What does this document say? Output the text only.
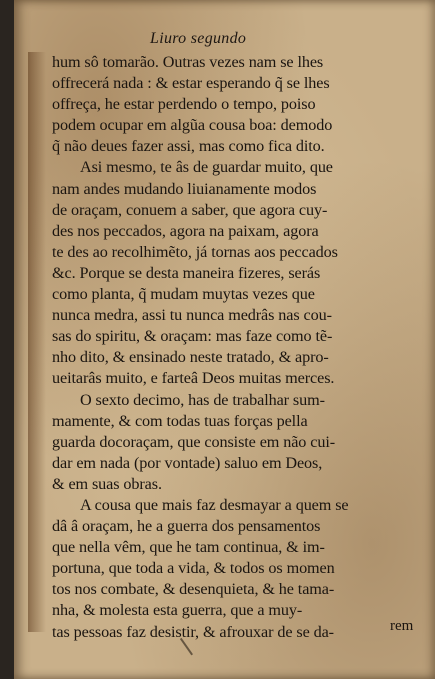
Liuro segundo
hum sô tomarão. Outras vezes nam se lhes
offrecerá nada : & estar esperando q̃ se lhes
offreça, he estar perdendo o tempo, poiso
podem ocupar em algũa cousa boa: demodo
q̃ não deues fazer assi, mas como fica dito.
Asi mesmo, te âs de guardar muito, que
nam andes mudando liuianamente modos
de oraçam, conuem a saber, que agora cuy-
des nos peccados, agora na paixam, agora
te des ao recolhimẽto, já tornas aos peccados
&c. Porque se desta maneira fizeres, serás
como planta, q̃ mudam muytas vezes que
nunca medra, assi tu nunca medrâs nas cou-
sas do spiritu, & oraçam: mas faze como tẽ-
nho dito, & ensinado neste tratado, & apro-
ueitarâs muito, e farteâ Deos muitas merces.
O sexto decimo, has de trabalhar sum-
mamente, & com todas tuas forças pella
guarda docoraçam, que consiste em não cui-
dar em nada (por vontade) saluo em Deos,
& em suas obras.
A cousa que mais faz desmayar a quem se
dâ â oraçam, he a guerra dos pensamentos
que nella vêm, que he tam continua, & im-
portuna, que toda a vida, & todos os momen
tos nos combate, & desenquieta, & he tama-
nha, & molesta esta guerra, que a muy-
tas pessoas faz desistir, & afrouxar de se da-	rem
